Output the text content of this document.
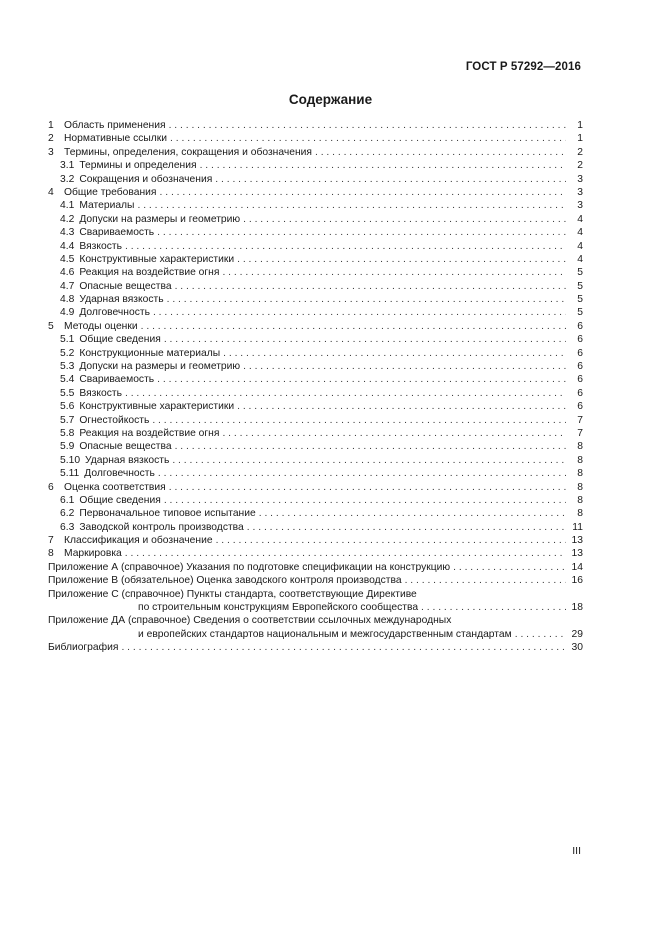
ГОСТ Р 57292—2016
Содержание
1 Область применения . . .	1
2 Нормативные ссылки . . .	1
3 Термины, определения, сокращения и обозначения . . .	2
3.1 Термины и определения . . .	2
3.2 Сокращения и обозначения . . .	3
4 Общие требования . . .	3
4.1 Материалы . . .	3
4.2 Допуски на размеры и геометрию . . .	4
4.3 Свариваемость . . .	4
4.4 Вязкость . . .	4
4.5 Конструктивные характеристики . . .	4
4.6 Реакция на воздействие огня . . .	5
4.7 Опасные вещества . . .	5
4.8 Ударная вязкость . . .	5
4.9 Долговечность . . .	5
5 Методы оценки . . .	6
5.1 Общие сведения . . .	6
5.2 Конструкционные материалы . . .	6
5.3 Допуски на размеры и геометрию . . .	6
5.4 Свариваемость . . .	6
5.5 Вязкость . . .	6
5.6 Конструктивные характеристики . . .	6
5.7 Огнестойкость . . .	7
5.8 Реакция на воздействие огня . . .	7
5.9 Опасные вещества . . .	8
5.10 Ударная вязкость . . .	8
5.11 Долговечность . . .	8
6 Оценка соответствия . . .	8
6.1 Общие сведения . . .	8
6.2 Первоначальное типовое испытание . . .	8
6.3 Заводской контроль производства . . .	11
7 Классификация и обозначение . . .	13
8 Маркировка . . .	13
Приложение А (справочное) Указания по подготовке спецификации на конструкцию . . .	14
Приложение В (обязательное) Оценка заводского контроля производства . . .	16
Приложение С (справочное) Пункты стандарта, соответствующие Директиве
по строительным конструкциям Европейского сообщества . . .	18
Приложение ДА (справочное) Сведения о соответствии ссылочных международных
и европейских стандартов национальным и межгосударственным стандартам . . .	29
Библиография . . .	30
III
